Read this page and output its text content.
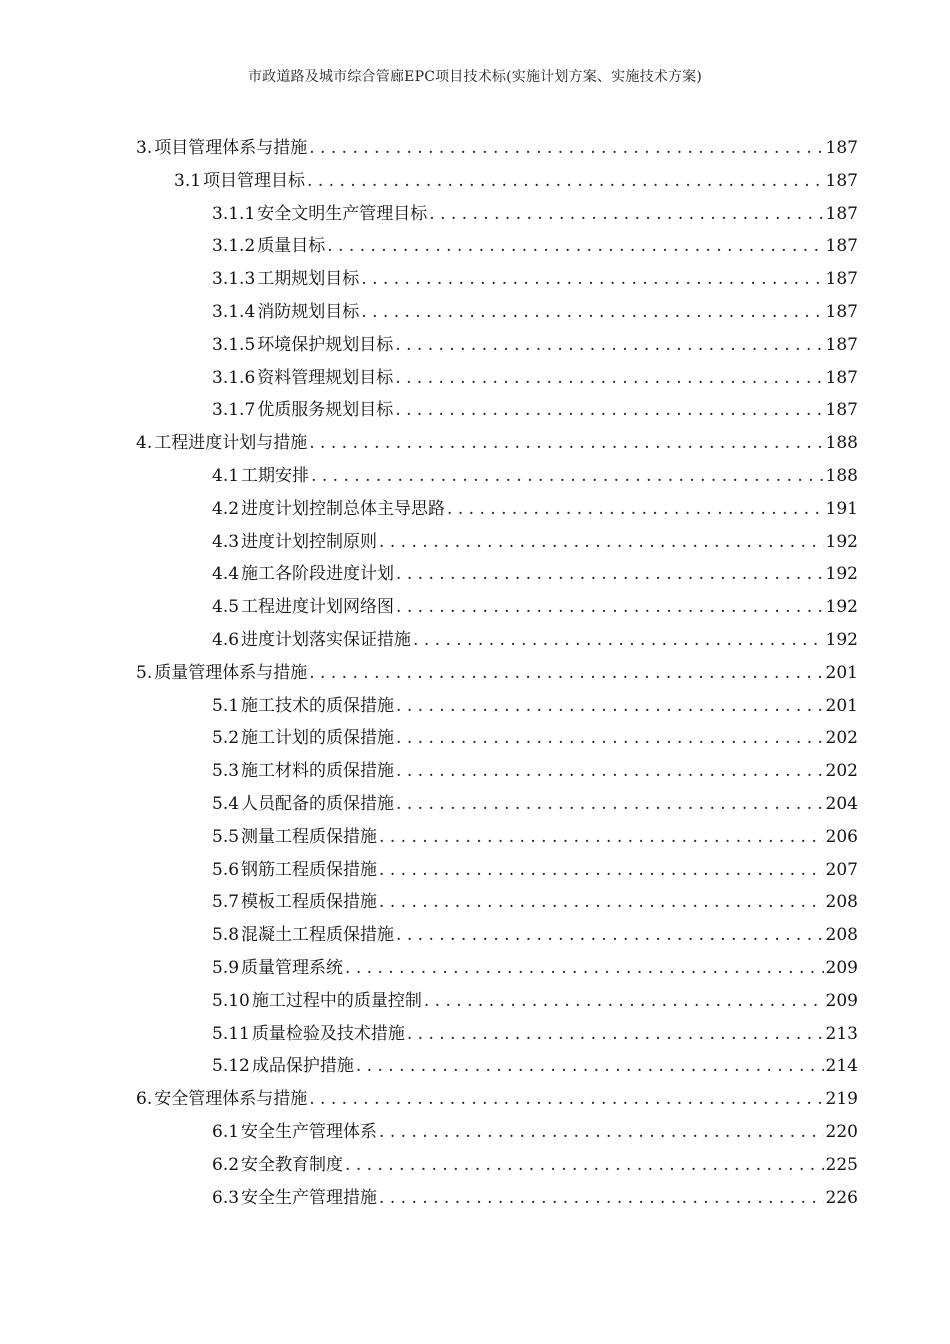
市政道路及城市综合管廊EPC项目技术标(实施计划方案、实施技术方案)
3. 项目管理体系与措施 . . .	187
3.1 项目管理目标 . . .	187
3.1.1 安全文明生产管理目标 . . .	187
3.1.2 质量目标 . . .	187
3.1.3 工期规划目标 . . .	187
3.1.4 消防规划目标 . . .	187
3.1.5 环境保护规划目标 . . .	187
3.1.6 资料管理规划目标 . . .	187
3.1.7 优质服务规划目标 . . .	187
4. 工程进度计划与措施 . . .	188
4.1 工期安排 . . .	188
4.2 进度计划控制总体主导思路 . . .	191
4.3 进度计划控制原则 . . .	192
4.4 施工各阶段进度计划 . . .	192
4.5 工程进度计划网络图 . . .	192
4.6 进度计划落实保证措施 . . .	192
5. 质量管理体系与措施 . . .	201
5.1 施工技术的质保措施 . . .	201
5.2 施工计划的质保措施 . . .	202
5.3 施工材料的质保措施 . . .	202
5.4 人员配备的质保措施 . . .	204
5.5 测量工程质保措施 . . .	206
5.6 钢筋工程质保措施 . . .	207
5.7 模板工程质保措施 . . .	208
5.8 混凝土工程质保措施 . . .	208
5.9 质量管理系统 . . .	209
5.10 施工过程中的质量控制 . . .	209
5.11 质量检验及技术措施 . . .	213
5.12 成品保护措施 . . .	214
6. 安全管理体系与措施 . . .	219
6.1 安全生产管理体系 . . .	220
6.2 安全教育制度 . . .	225
6.3 安全生产管理措施 . . .	226
